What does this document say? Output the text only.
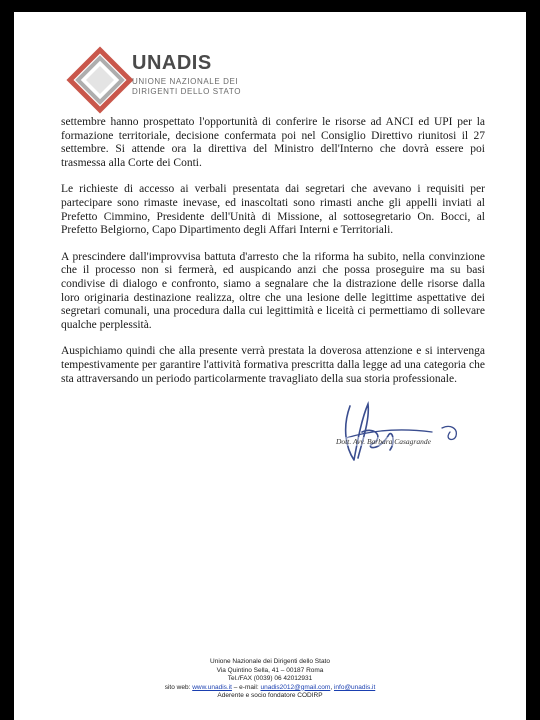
UNADIS
UNIONE NAZIONALE DEI
DIRIGENTI DELLO STATO

settembre hanno prospettato l'opportunità di conferire le risorse ad ANCI ed UPI per la formazione territoriale, decisione confermata poi nel Consiglio Direttivo riunitosi il 27 settembre. Si attende ora la direttiva del Ministro dell'Interno che dovrà essere poi trasmessa alla Corte dei Conti.

Le richieste di accesso ai verbali presentata dai segretari che avevano i requisiti per partecipare sono rimaste inevase, ed inascoltati sono rimasti anche gli appelli inviati al Prefetto Cimmino, Presidente dell'Unità di Missione, al sottosegretario On. Bocci, al Prefetto Belgiorno, Capo Dipartimento degli Affari Interni e Territoriali.

A prescindere dall'improvvisa battuta d'arresto che la riforma ha subito, nella convinzione che il processo non si fermerà, ed auspicando anzi che possa proseguire ma su basi condivise di dialogo e confronto, siamo a segnalare che la distrazione delle risorse dalla loro originaria destinazione realizza, oltre che una lesione delle legittime aspettative dei segretari comunali, una procedura dalla cui legittimità e liceità ci permettiamo di sollevare qualche perplessità.

Auspichiamo quindi che alla presente verrà prestata la doverosa attenzione e si intervenga tempestivamente per garantire l'attività formativa prescritta dalla legge ad una categoria che sta attraversando un periodo particolarmente travagliato della sua storia professionale.

Dott. Avv. Barbara Casagrande
Unione Nazionale dei Dirigenti dello Stato
Via Quintino Sella, 41 – 00187 Roma
Tel./FAX (0039) 06 42012931
sito web: www.unadis.it – e-mail: unadis2012@gmail.com, info@unadis.it
Aderente e socio fondatore CODIRP
